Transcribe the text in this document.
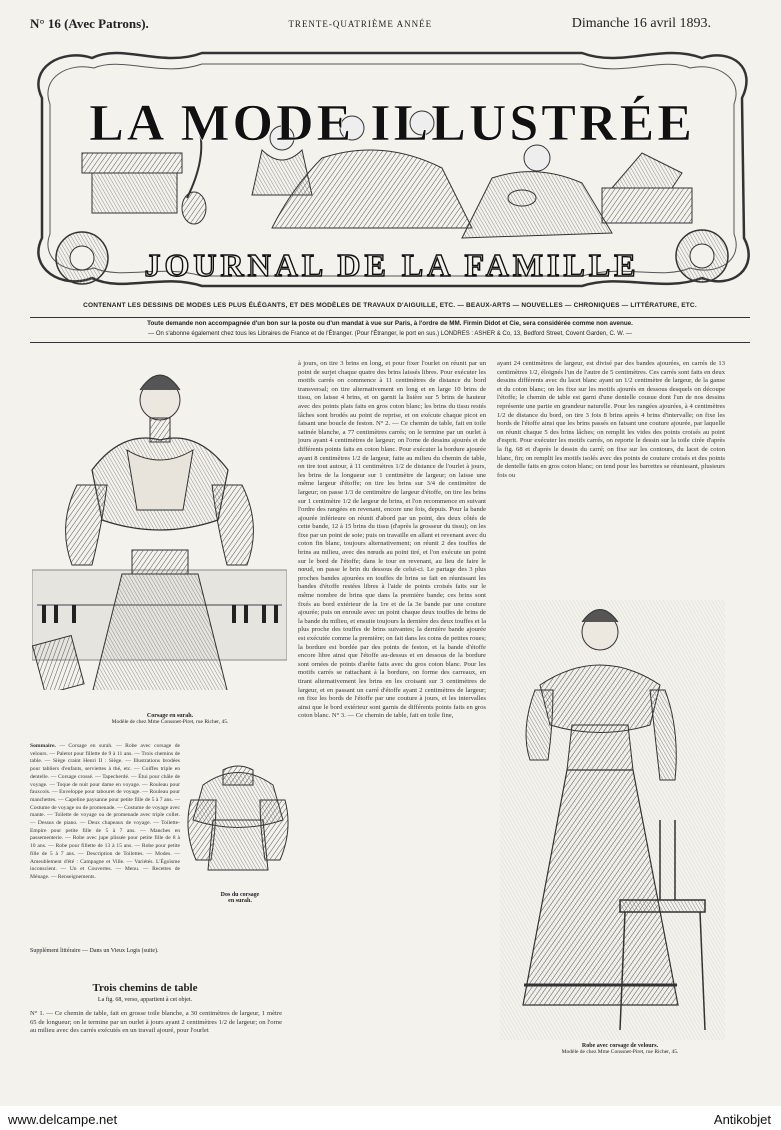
N° 16 (Avec Patrons).	TRENTE-QUATRIÈME ANNÉE	Dimanche 16 avril 1893.
LA MODE ILLUSTRÉE
JOURNAL DE LA FAMILLE
CONTENANT LES DESSINS DE MODES LES PLUS ÉLÉGANTS, ET DES MODÈLES DE TRAVAUX D'AIGUILLE, ETC. — BEAUX-ARTS — NOUVELLES — CHRONIQUES — LITTÉRATURE, ETC.
Toute demande non accompagnée d'un bon sur la poste ou d'un mandat à vue sur Paris, à l'ordre de MM. Firmin Didot et Cie, sera considérée comme non avenue.
— On s'abonne également chez tous les Libraires de France et de l'Étranger. (Pour l'Étranger, le port en sus.) LONDRES : ASHER & Co, 13, Bedford Street, Covent Garden, C. W. —
Corsage en surah.
Modèle de chez Mme Conssnet-Piret, rue Richer, 45.
Dos du corsage
en surah.
Sommaire. — Corsage en surah. — Robe avec corsage de velours. — Paletot pour fillette de 9 à 11 ans. — Trois chemins de table. — Siège craint Henri II : Siège. — Illustrations brodées pour tabliers d'enfants, serviettes à thé, etc. — Coiffes triple en dentelle. — Corsage crossé. — Tapecherdé. — Étui pour châle de voyage. — Toque de nuit pour dame en voyage. — Rouleau pour fauxcols. — Enveloppe pour tabouret de voyage. — Rouleau pour manchettes. — Capeline paysanne pour petite fille de 5 à 7 ans. — Costume de voyage ou de promenade. — Costume de voyage avec mante. — Toilette de voyage ou de promenade avec triple collet. — Dessus de piano. — Deux chapeaux de voyage. — Toilette-Empire pour petite fille de 5 à 7 ans. — Manches en passementerie. — Robe avec jupe plissée pour petite fille de 8 à 10 ans. — Robe pour fillette de 13 à 15 ans. — Robe pour petite fille de 5 à 7 ans. — Description de Toilettes. — Modes. — Ameublement d'été : Campagne et Ville. — Variétés. L'Égoïsme inconscient. — Un et Couvertes. — Menu. — Recettes de Ménage. — Renseignements.
Supplément littéraire — Dans un Vieux Logis (suite).
Trois chemins de table
La fig. 68, verso, appartient à cet objet.
N° 1. — Ce chemin de table, fait en grosse toile blanche, a 30 centimètres de largeur, 1 mètre 65 de longueur; on le termine par un ourlet à jours ayant 2 centimètres 1/2 de largeur; on l'orne au milieu avec des carrés exécutés en un travail ajouré, pour l'ourlet
à jours, on tire 3 brins en long, et pour fixer l'ourlet on réunit par un point de surjet chaque quatre des brins laissés libres. Pour exécuter les motifs carrés on commence à 11 centimètres de distance du bord transversal; on tire alternativement en long et en large 10 brins de tissu, on laisse 4 brins, et on garnit la lisière sur 5 brins de hauteur avec des points plats faits en gros coton blanc; les brins du tissu restés lâches sont brodés au point de reprise, et on exécute chaque picot en faisant une boucle de feston. N° 2. — Ce chemin de table, fait en toile satinée blanche, a 77 centimètres carrés; on le termine par un ourlet à jours ayant 4 centimètres de largeur; on l'orne de dessins ajourés et de différents points faits en coton blanc. Pour exécuter la bordure ajourée ayant 8 centimètres 1/2 de largeur, faite au milieu du chemin de table, on tire tout autour, à 11 centimètres 1/2 de distance de l'ourlet à jours, les brins de la longueur sur 1 centimètre de largeur; on laisse une même largeur d'étoffe; on tire les brins sur 3/4 de centimètre de largeur; on passe 1/3 de centimètre de largeur d'étoffe, on tire les brins sur 1 centimètre 1/2 de largeur de brins, et l'on recommence en suivant l'ordre des rangées en revenant, encore une fois, depuis. Pour la bande ajourée inférieure on réunit d'abord par un point, des deux côtés de cette bande, 12 à 15 brins du tissu (d'après la grosseur du tissu); on les fixe par un point de soie; puis on travaille en allant et revenant avec du coton fin blanc, toujours alternativement; on réunit 2 des touffes de brins au milieu, avec des nœuds au point tiré, et l'on exécute un point sur le bord de l'étoffe; dans le tour en revenant, au lieu de faire le nœud, on passe le brin du dessous de celui-ci. Le partage des 3 plus proches bandes ajourées en touffes de brins se fait en réunissant les bandes d'étoffe restées libres à l'aide de points croisés faits sur le même nombre de brins que dans la première bande; ces brins sont fixés au bord extérieur de la 1re et de la 3e bande par une couture ajourée; puis on enroule avec un point chaque deux touffes de brins de la bande du milieu, et ensuite toujours la dernière des deux touffes et la plus proche des touffes de brins suivantes; la dernière bande ajourée est exécutée comme la première; on fait dans les coins de petites roues; la bordure est bordée par des points de feston, et la bande d'étoffe encore libre ainsi que l'étoffe au-dessus et en dessous de la bordure sont ornées de points d'arête faits avec du gros coton blanc. Pour les motifs carrés se rattachant à la bordure, on forme des carreaux, en tirant alternativement les brins en les croisant sur 3 centimètres de largeur, et en passant un carré d'étoffe ayant 2 centimètres de largeur; on fixe les bords de l'étoffe par une couture à jours, et les intervalles ainsi que le bord extérieur sont garnis de différents points faits en gros coton blanc. N° 3. — Ce chemin de table, fait en toile fine,
ayant 24 centimètres de largeur, est divisé par des bandes ajourées, en carrés de 13 centimètres 1/2, éloignés l'un de l'autre de 5 centimètres. Ces carrés sont faits en deux dessins différents avec du lacet blanc ayant un 1/2 centimètre de largeur, de la ganse et du coton blanc; on les fixe sur les motifs ajourés en dessous desquels on découpe l'étoffe; le chemin de table est garni d'une dentelle cousue dont l'un de nos dessins représente une partie en grandeur naturelle. Pour les rangées ajourées, à 4 centimètres 1/2 de distance du bord, on tire 3 fois 8 brins après 4 brins d'intervalle; on fixe les bords de l'étoffe ainsi que les brins passés en faisant une couture ajourée, par laquelle on réunit chaque 5 des brins lâches; on remplit les vides des points croisés au point d'esprit. Pour exécuter les motifs carrés, on reporte le dessin sur la toile cirée d'après la fig. 68 et d'après le dessin du carré; on fixe sur les contours, du lacet de coton blanc, fin; on remplit les motifs isolés avec des points de couture croisés et des points de dentelle faits en gros coton blanc; on tend pour les barrettes se réunissant, plusieurs fois ou
Robe avec corsage de velours.
Modèle de chez Mme Conssnet-Piret, rue Richer, 45.
www.delcampe.net	Antikobjet
